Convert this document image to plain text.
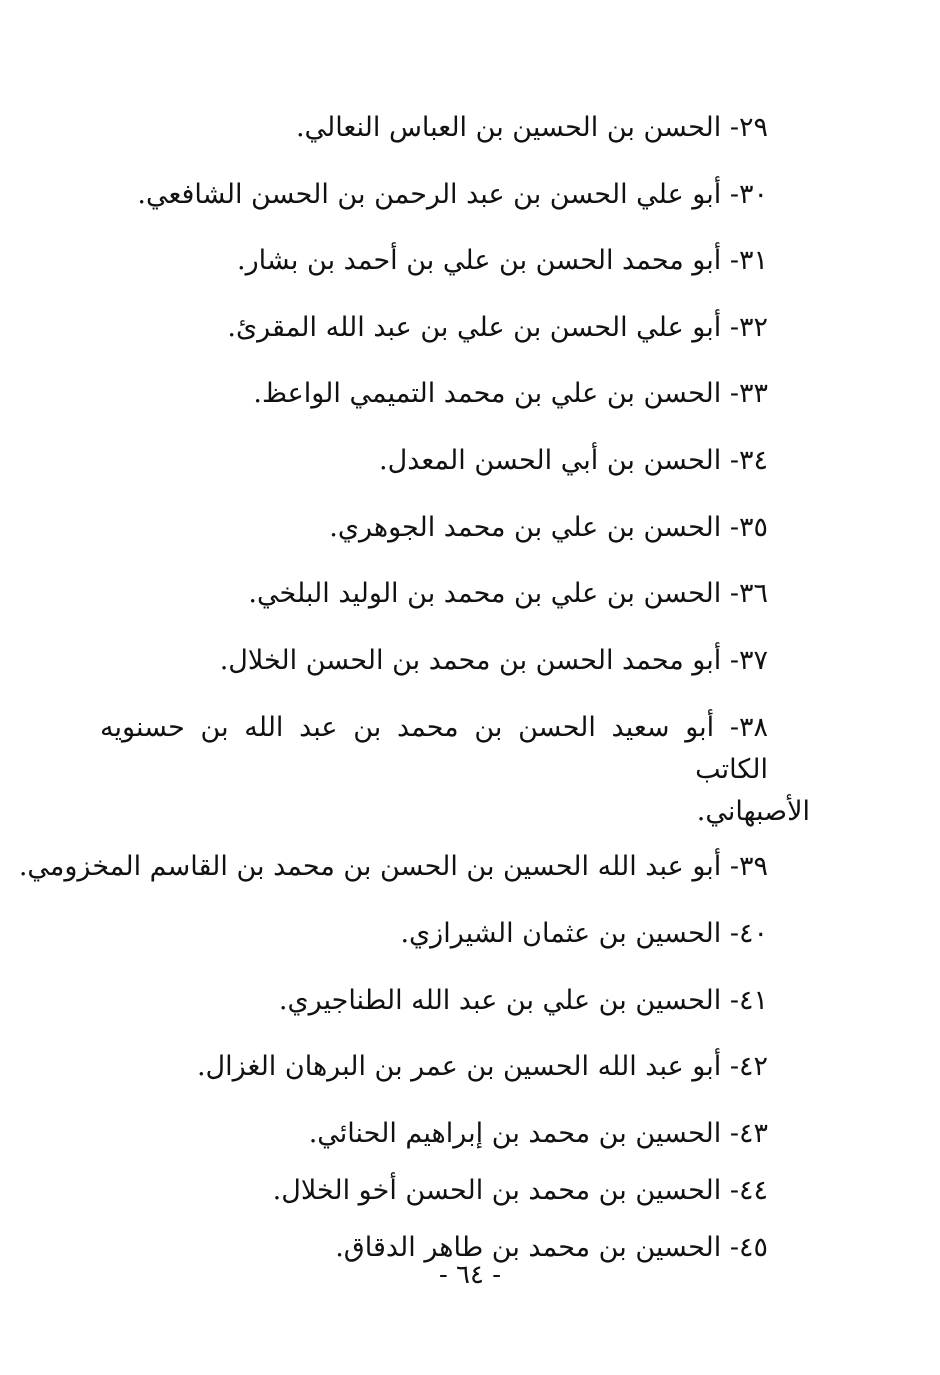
٢٩- الحسن بن الحسين بن العباس النعالي.
٣٠- أبو علي الحسن بن عبد الرحمن بن الحسن الشافعي.
٣١- أبو محمد الحسن بن علي بن أحمد بن بشار.
٣٢- أبو علي الحسن بن علي بن عبد الله المقرئ.
٣٣- الحسن بن علي بن محمد التميمي الواعظ.
٣٤- الحسن بن أبي الحسن المعدل.
٣٥- الحسن بن علي بن محمد الجوهري.
٣٦- الحسن بن علي بن محمد بن الوليد البلخي.
٣٧- أبو محمد الحسن بن محمد بن الحسن الخلال.
٣٨- أبو سعيد الحسن بن محمد بن عبد الله بن حسنويه الكاتب
الأصبهاني.
٣٩- أبو عبد الله الحسين بن الحسن بن محمد بن القاسم المخزومي.
٤٠- الحسين بن عثمان الشيرازي.
٤١- الحسين بن علي بن عبد الله الطناجيري.
٤٢- أبو عبد الله الحسين بن عمر بن البرهان الغزال.
٤٣- الحسين بن محمد بن إبراهيم الحنائي.
٤٤- الحسين بن محمد بن الحسن أخو الخلال.
٤٥- الحسين بن محمد بن طاهر الدقاق.
- ٦٤ -
